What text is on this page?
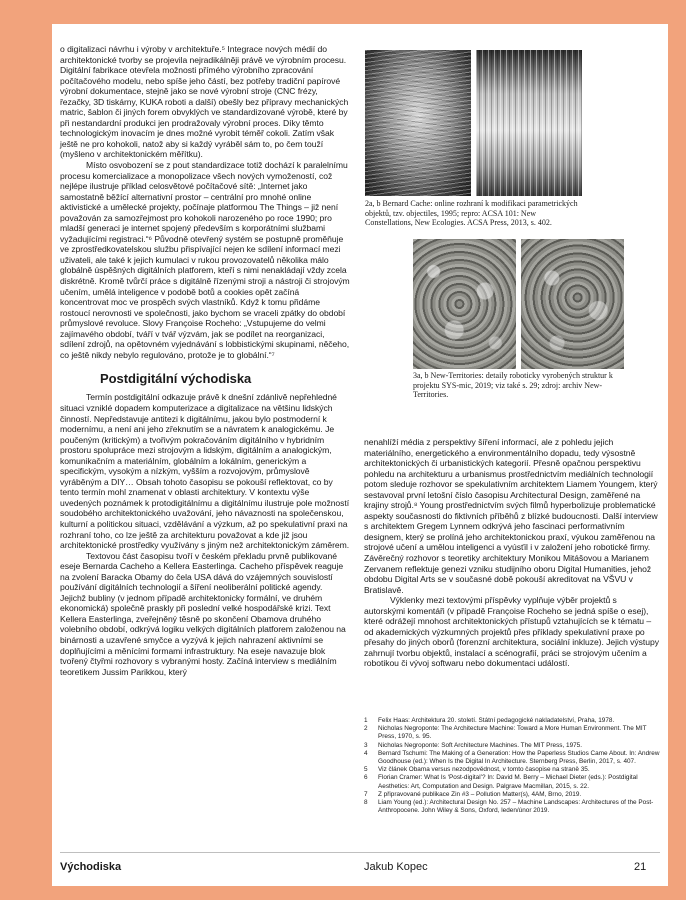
o digitalizaci návrhu i výroby v architektuře.⁵ Integrace nových médií do architektonické tvorby se projevila nejradikálněji právě ve výrobním procesu. Digitální fabrikace otevřela možnosti přímého výrobního zpracování počítačového modelu, nebo spíše jeho částí, bez potřeby tradiční papírové výrobní dokumentace, stejně jako se nové výrobní stroje (CNC frézy, řezačky, 3D tiskárny, KUKA roboti a další) obešly bez přípravy mechanických matric, šablon či jiných forem obvyklých ve standardizované výrobě, které by při nestandardní produkci jen prodražovaly výrobní proces. Díky těmto technologickým inovacím je dnes možné vyrobit téměř cokoli. Zatím však ještě ne pro kohokoli, natož aby si každý vyráběl sám to, po čem touží (myšleno v architektonickém měřítku).

Místo osvobození se z pout standardizace totiž dochází k paralelnímu procesu komercializace a monopolizace všech nových vymožeností, což nejlépe ilustruje příklad celosvětové počítačové sítě: „Internet jako samostatně běžící alternativní prostor – centrální pro mnohé online aktivistické a umělecké projekty, počínaje platformou The Things – již není považován za samozřejmost pro kohokoli narozeného po roce 1990; pro mladší generaci je internet spojený především s korporátními službami vyžadujícími registraci.“⁶ Původně otevřený systém se postupně proměňuje ve zprostředkovatelskou službu přispívající nejen ke sdílení informací mezi uživateli, ale také k jejich kumulaci v rukou provozovatelů několika málo globálně úspěšných digitálních platforem, kteří s nimi nenakládají vždy zcela diskrétně. Kromě tvůrčí práce s digitálně řízenými stroji a nástroji či strojovým učením, umělá inteligence v podobě botů a cookies opět začíná koncentrovat moc ve prospěch svých vlastníků. Když k tomu přidáme rostoucí nerovnosti ve společnosti, jako bychom se vraceli zpátky do období průmyslové revoluce. Slovy Françoise Rocheho: „Vstupujeme do velmi zajímavého období, tváří v tvář výzvám, jak se podílet na reorganizaci, sdílení zdrojů, na opětovném vyjednávání s lobbistickými skupinami, něčeho, co ještě nikdy nebylo regulováno, protože je to globální.“⁷

Postdigitální východiska

Termín postdigitální odkazuje právě k dnešní zdánlivě nepřehledné situaci vzniklé dopadem komputerizace a digitalizace na většinu lidských činností. Nepředstavuje antitezi k digitálnímu, jakou bylo postmoderní k modernímu, a není ani jeho zřeknutím se a návratem k analogickému. Je poučeným (kritickým) a tvořivým pokračováním digitálního v hybridním prostoru spolupráce mezi strojovým a lidským, digitálním a analogickým, komunikačním a materiálním, globálním a lokálním, generickým a specifickým, vysokým a nízkým, vyšším a rozvojovým, průmyslově vyráběným a DIY… Obsah tohoto časopisu se pokouší reflektovat, co by tento termín mohl znamenat v oblasti architektury. V kontextu výše uvedených poznámek k protodigitálnímu a digitálnímu ilustruje pole možností soudobého architektonického uvažování, jeho návaznosti na společenskou, kulturní a politickou situaci, vzdělávání a výzkum, až po spekulativní praxi na rozhraní toho, co lze ještě za architekturu považovat a kde již jsou architektonické prostředky využívány s jiným než architektonickým záměrem.

Textovou část časopisu tvoří v českém překladu prvně publikované eseje Bernarda Cacheho a Kellera Easterlinga. Cacheho příspěvek reaguje na zvolení Baracka Obamy do čela USA dává do vzájemných souvislostí používání digitálních technologií a šíření neoliberální politické agendy. Jejichž bubliny (v jednom případě architektonicky formální, ve druhém ekonomická) společně praskly při poslední velké hospodářské krizi. Text Kellera Easterlinga, zveřejněný těsně po skončení Obamova druhého volebního období, odkrývá logiku velkých digitálních platforem založenou na binárnosti a uzavřené smyčce a vyzývá k jejich nahrazení aktivními se doplňujícími a měnícími formami infrastruktury. Na eseje navazuje blok tvořený čtyřmi rozhovory s vybranými hosty. Začíná interview s mediálním teoretikem Jussim Parikkou, který

2a, b Bernard Cache: online rozhraní k modifikaci parametrických objektů, tzv. objectiles, 1995; repro: ACSA 101: New Constellations, New Ecologies. ACSA Press, 2013, s. 402.
3a, b New-Territories: detaily roboticky vyrobených struktur k projektu SYS-mic, 2019; viz také s. 29; zdroj: archiv New-Territories.

nenahlíží média z perspektivy šíření informací, ale z pohledu jejich materiálního, energetického a environmentálního dopadu, tedy výsostně architektonických či urbanistických kategorií. Přesně opačnou perspektivu pohledu na architekturu a urbanismus prostřednictvím mediálních technologií potom sleduje rozhovor se spekulativním architektem Liamem Youngem, který sestavoval první letošní číslo časopisu Architectural Design, zaměřené na krajiny strojů.⁸ Young prostřednictvím svých filmů hyperbolizuje problematické aspekty současnosti do fiktivních příběhů z blízké budoucnosti. Další interview s architektem Gregem Lynnem odkrývá jeho fascinaci performativním designem, který se prolíná jeho architektonickou praxí, výukou zaměřenou na strojové učení a umělou inteligenci a vyúsťil i v založení jeho robotické firmy. Závěrečný rozhovor s teoretiky architektury Monikou Mitášovou a Marianem Zervanem reflektuje genezi vzniku studijního oboru Digital Humanities, jehož obdobu Digital Arts se v současné době pokouší akreditovat na VŠVU v Bratislavě.

Výklenky mezi textovými příspěvky vyplňuje výběr projektů s autorskými komentáři (v případě Françoise Rocheho se jedná spíše o esej), které odrážejí mnohost architektonických přístupů vztahujících se k tématu – od akademických výzkumných projektů přes příklady spekulativní praxe po přesahy do jiných oborů (forenzní architektura, sociální inkluze). Jejich výstupy zahrnují tvorbu objektů, instalací a scénografií, práci se strojovým učením a robotikou či vývoj softwaru nebo dokumentaci událostí.

1	Felix Haas: Architektura 20. století. Státní pedagogické nakladatelství, Praha, 1978.
2	Nicholas Negroponte: The Architecture Machine: Toward a More Human Environment. The MIT Press, 1970, s. 95.
3	Nicholas Negroponte: Soft Architecture Machines. The MIT Press, 1975.
4	Bernard Tschumi: The Making of a Generation: How the Paperless Studios Came About. In: Andrew Goodhouse (ed.): When Is the Digital In Architecture. Sternberg Press, Berlin, 2017, s. 407.
5	Viz článek Obama versus nezodpovědnost, v tomto časopise na straně 35.
6	Florian Cramer: What Is ‘Post-digital’? In: David M. Berry – Michael Dieter (eds.): Postdigital Aesthetics: Art, Computation and Design. Palgrave Macmillan, 2015, s. 22.
7	Z připravované publikace Zin #3 – Pollution Matter(s), 4AM, Brno, 2019.
8	Liam Young (ed.): Architectural Design No. 257 – Machine Landscapes: Architectures of the Post-Anthropocene. John Wiley & Sons, Oxford, leden/únor 2019.
Východiska	Jakub Kopec	21
